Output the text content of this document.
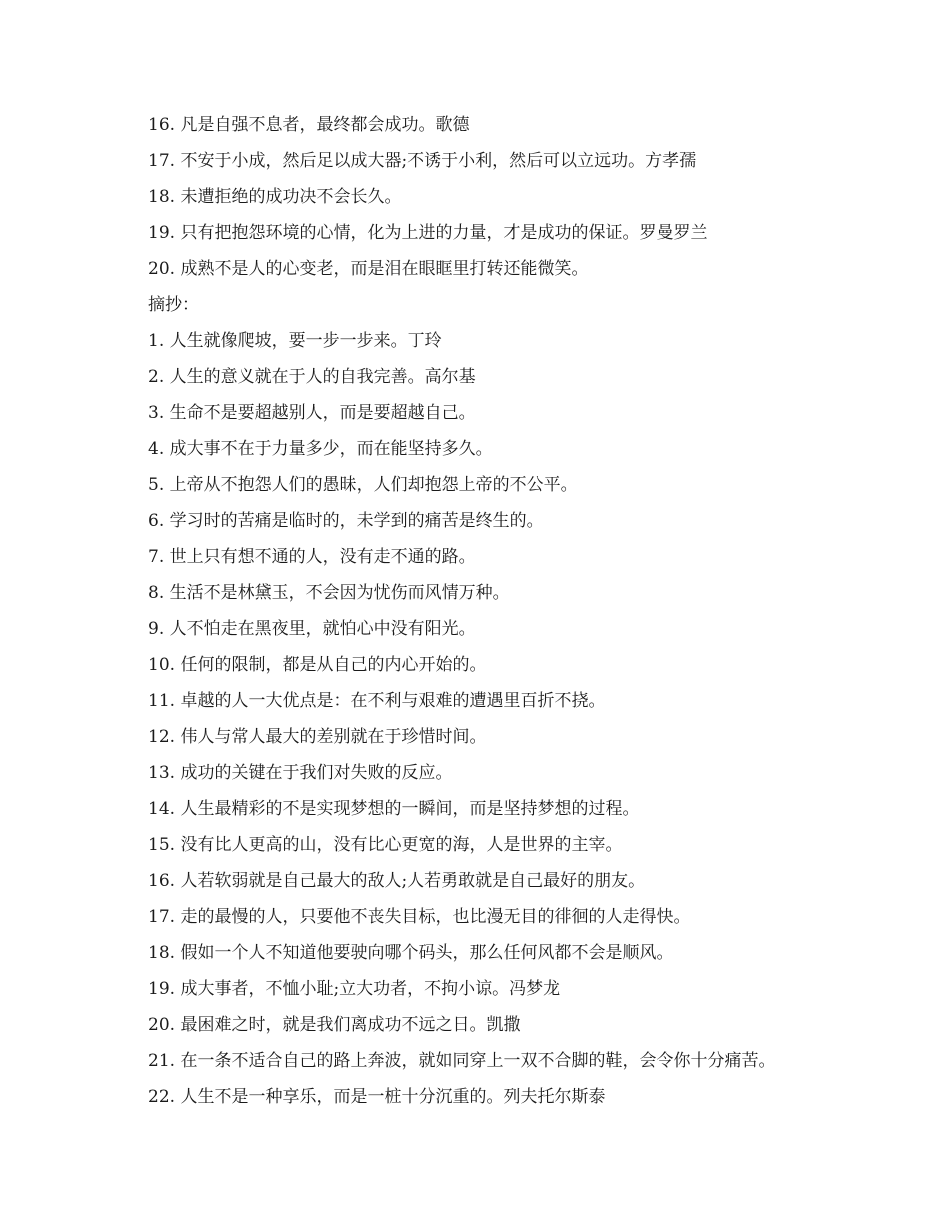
16. 凡是自强不息者，最终都会成功。歌德
17. 不安于小成，然后足以成大器;不诱于小利，然后可以立远功。方孝孺
18. 未遭拒绝的成功决不会长久。
19. 只有把抱怨环境的心情，化为上进的力量，才是成功的保证。罗曼罗兰
20. 成熟不是人的心变老，而是泪在眼眶里打转还能微笑。
摘抄：
1. 人生就像爬坡，要一步一步来。丁玲
2. 人生的意义就在于人的自我完善。高尔基
3. 生命不是要超越别人，而是要超越自己。
4. 成大事不在于力量多少，而在能坚持多久。
5. 上帝从不抱怨人们的愚昧，人们却抱怨上帝的不公平。
6. 学习时的苦痛是临时的，未学到的痛苦是终生的。
7. 世上只有想不通的人，没有走不通的路。
8. 生活不是林黛玉，不会因为忧伤而风情万种。
9. 人不怕走在黑夜里，就怕心中没有阳光。
10. 任何的限制，都是从自己的内心开始的。
11. 卓越的人一大优点是：在不利与艰难的遭遇里百折不挠。
12. 伟人与常人最大的差别就在于珍惜时间。
13. 成功的关键在于我们对失败的反应。
14. 人生最精彩的不是实现梦想的一瞬间，而是坚持梦想的过程。
15. 没有比人更高的山，没有比心更宽的海，人是世界的主宰。
16. 人若软弱就是自己最大的敌人;人若勇敢就是自己最好的朋友。
17. 走的最慢的人，只要他不丧失目标，也比漫无目的徘徊的人走得快。
18. 假如一个人不知道他要驶向哪个码头，那么任何风都不会是顺风。
19. 成大事者，不恤小耻;立大功者，不拘小谅。冯梦龙
20. 最困难之时，就是我们离成功不远之日。凯撒
21. 在一条不适合自己的路上奔波，就如同穿上一双不合脚的鞋，会令你十分痛苦。
22. 人生不是一种享乐，而是一桩十分沉重的。列夫托尔斯泰
